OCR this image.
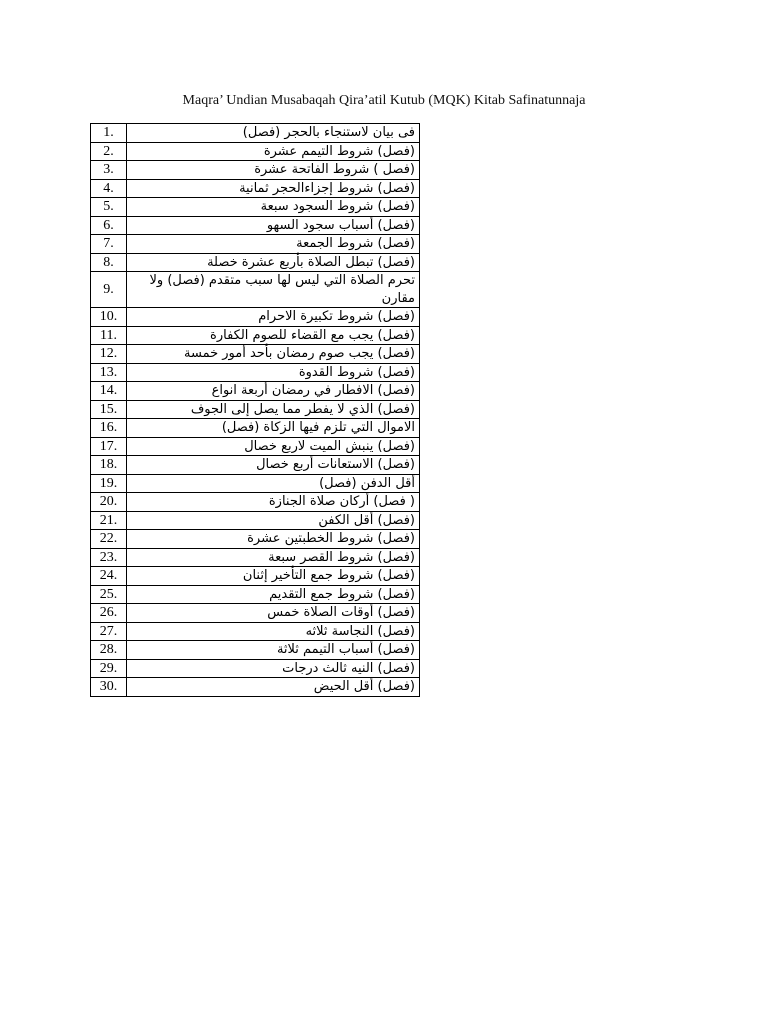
Maqra’ Undian Musabaqah Qira’atil Kutub (MQK) Kitab Safinatunnaja
1.	فى بيان لاستنجاء بالحجر (فصل)
2.	(فصل) شروط التيمم عشرة
3.	(فصل ) شروط الفاتحة عشرة
4.	(فصل) شروط إجزاءالحجر ثمانية
5.	(فصل) شروط السجود سبعة
6.	(فصل) أسباب سجود السهو
7.	(فصل) شروط الجمعة
8.	(فصل) تبطل الصلاة بأربع عشرة خصلة
9.	تحرم الصلاة التي ليس لها سبب متقدم (فصل) ولا مقارن
10.	(فصل) شروط تكبيرة الاحرام
11.	(فصل) يجب مع القضاء للصوم الكفارة
12.	(فصل) يجب صوم رمضان بأحد أمور خمسة
13.	(فصل) شروط القدوة
14.	(فصل) الافطار في رمضان أربعة انواع
15.	(فصل) الذي لا يفطر مما يصل إلى الجوف
16.	الاموال التي تلزم فيها الزكاة (فصل)
17.	(فصل) ينبش الميت لاربع خصال
18.	(فصل) الاستعانات أربع خصال
19.	أقل الدفن (فصل)
20.	( فصل) أركان صلاة الجنازة
21.	(فصل) أقل الكفن
22.	(فصل) شروط الخطبتين عشرة
23.	(فصل) شروط القصر سبعة
24.	(فصل) شروط جمع التأخير إثنان
25.	(فصل) شروط جمع التقديم
26.	(فصل) أوقات الصلاة خمس
27.	(فصل) النجاسة ثلاثه
28.	(فصل) أسباب التيمم ثلاثة
29.	(فصل) النيه ثالث درجات
30.	(فصل) أقل الحيض
